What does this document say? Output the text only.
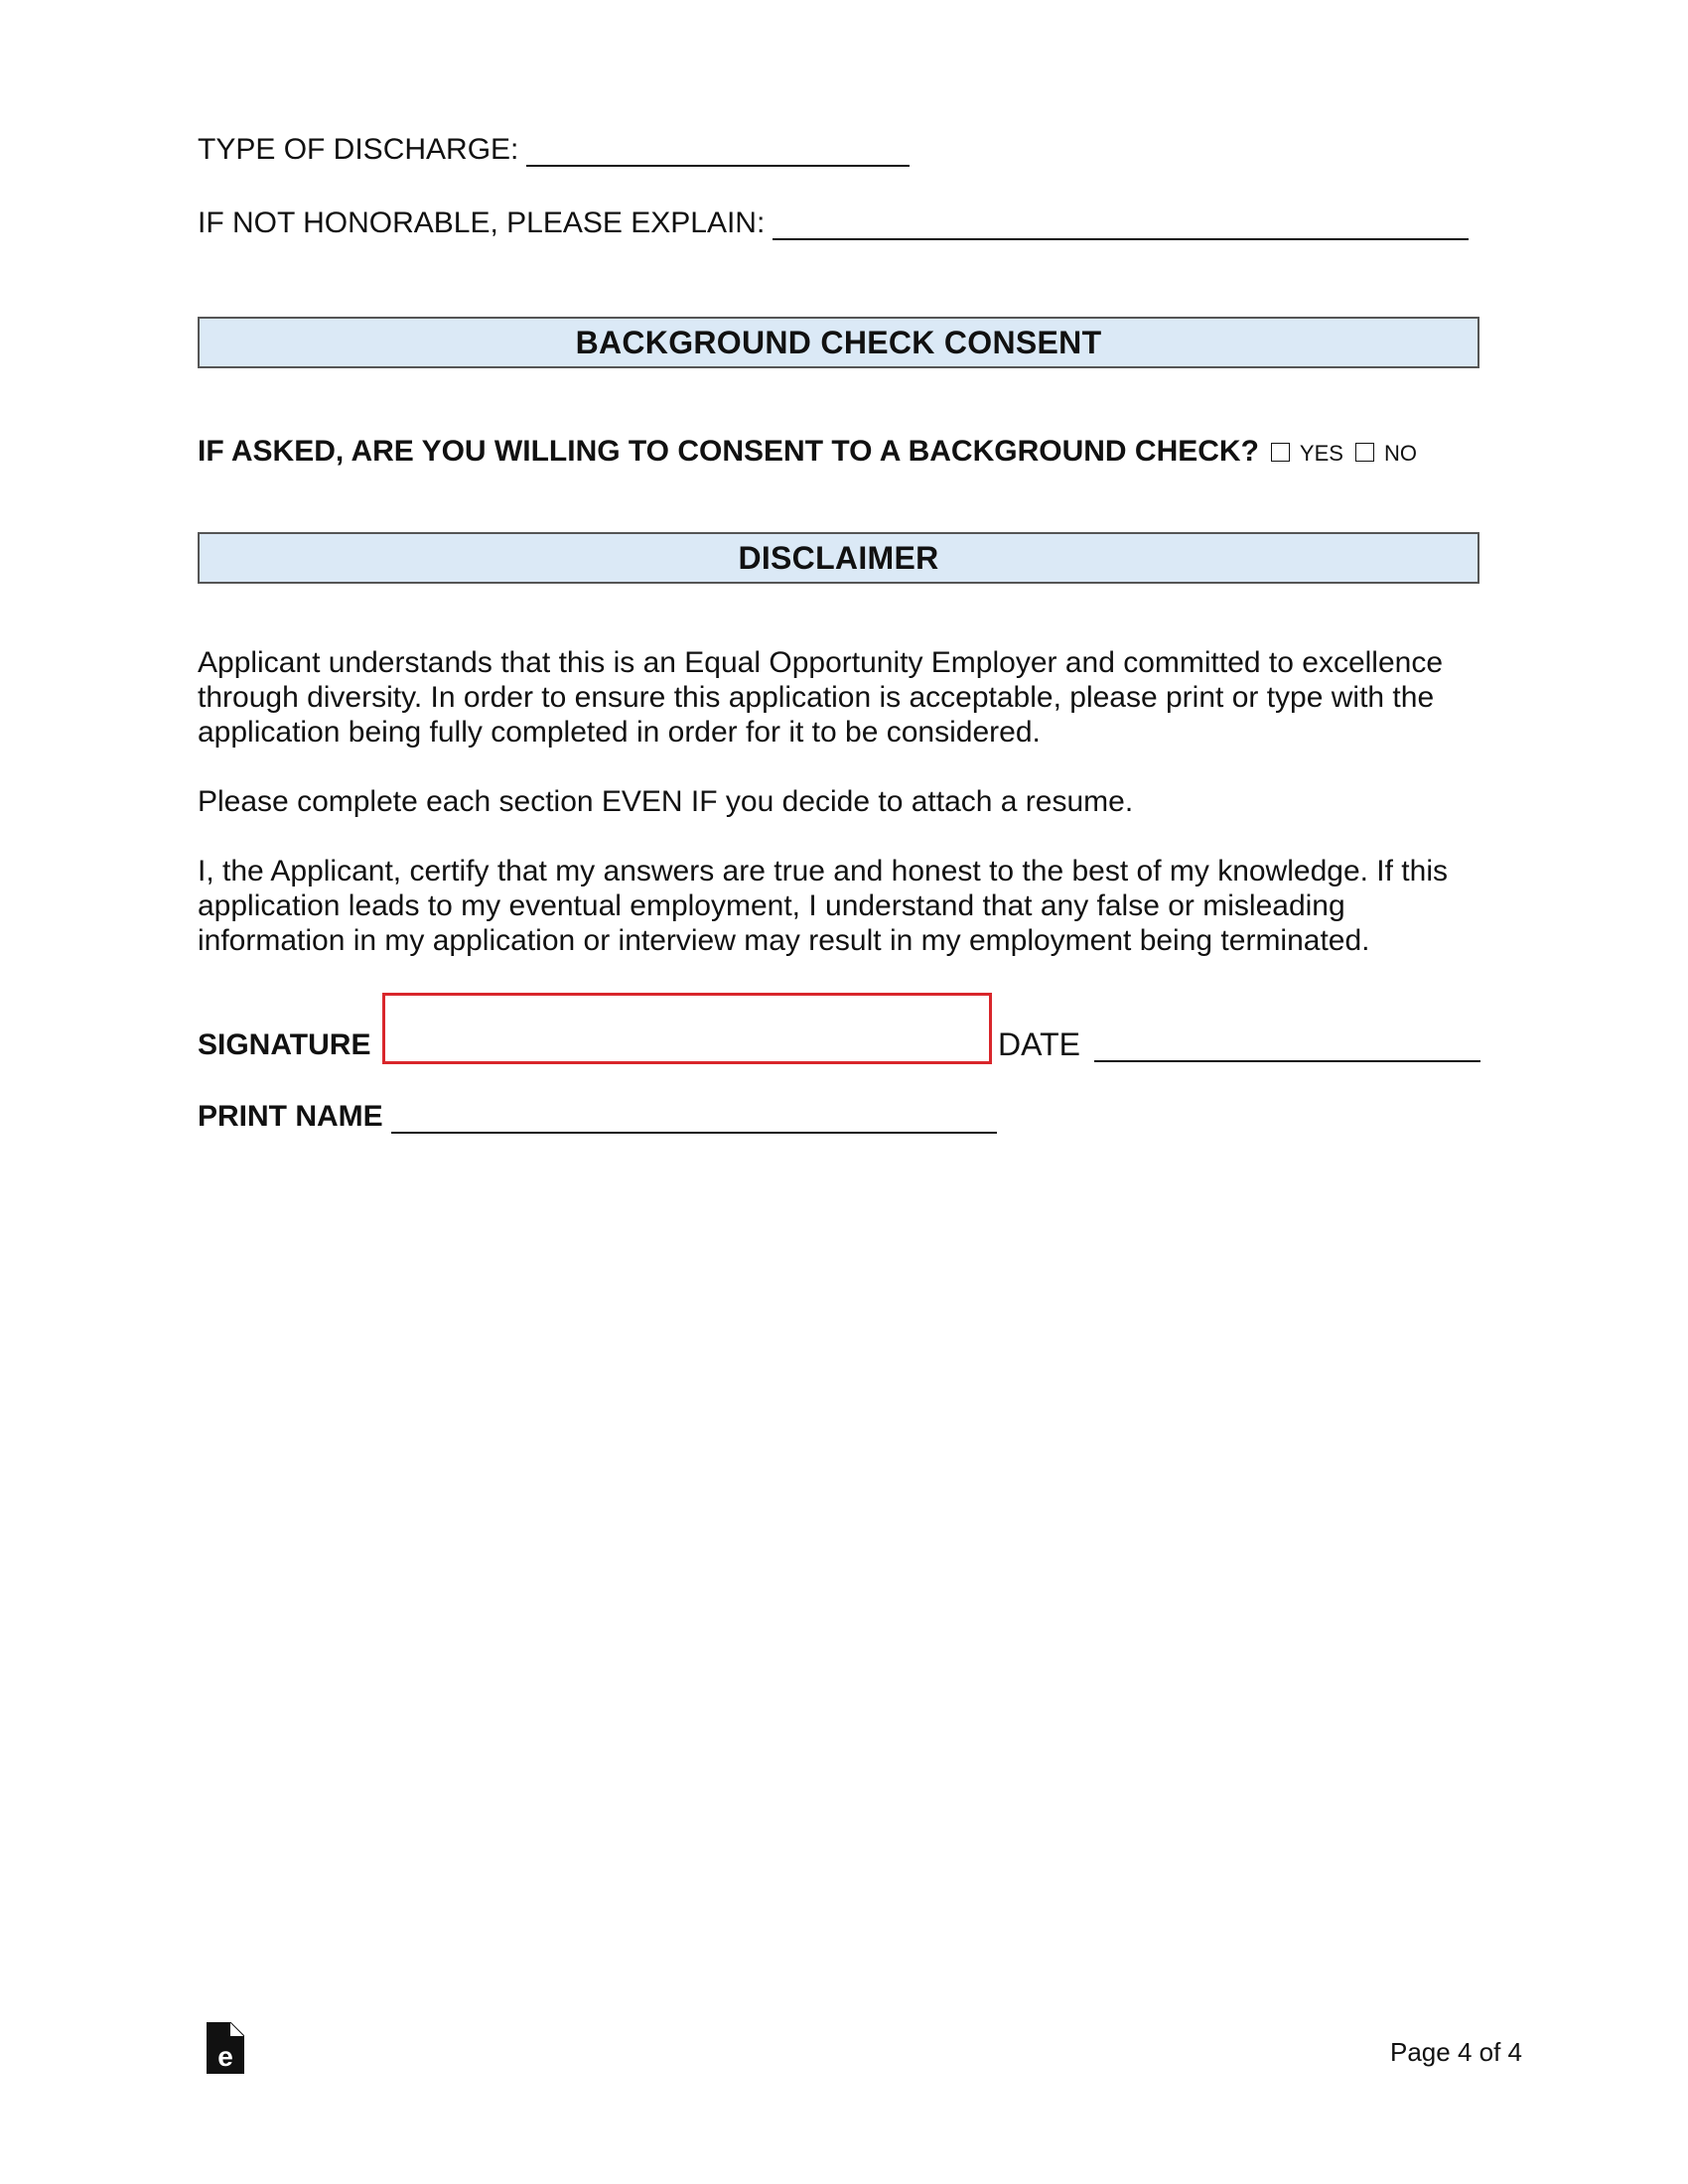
TYPE OF DISCHARGE:
IF NOT HONORABLE, PLEASE EXPLAIN:
BACKGROUND CHECK CONSENT
IF ASKED, ARE YOU WILLING TO CONSENT TO A BACKGROUND CHECK? YES NO
DISCLAIMER

Applicant understands that this is an Equal Opportunity Employer and committed to excellence through diversity. In order to ensure this application is acceptable, please print or type with the application being fully completed in order for it to be considered.

Please complete each section EVEN IF you decide to attach a resume.

I, the Applicant, certify that my answers are true and honest to the best of my knowledge. If this application leads to my eventual employment, I understand that any false or misleading information in my application or interview may result in my employment being terminated.

SIGNATURE	DATE
PRINT NAME
e	Page 4 of 4
